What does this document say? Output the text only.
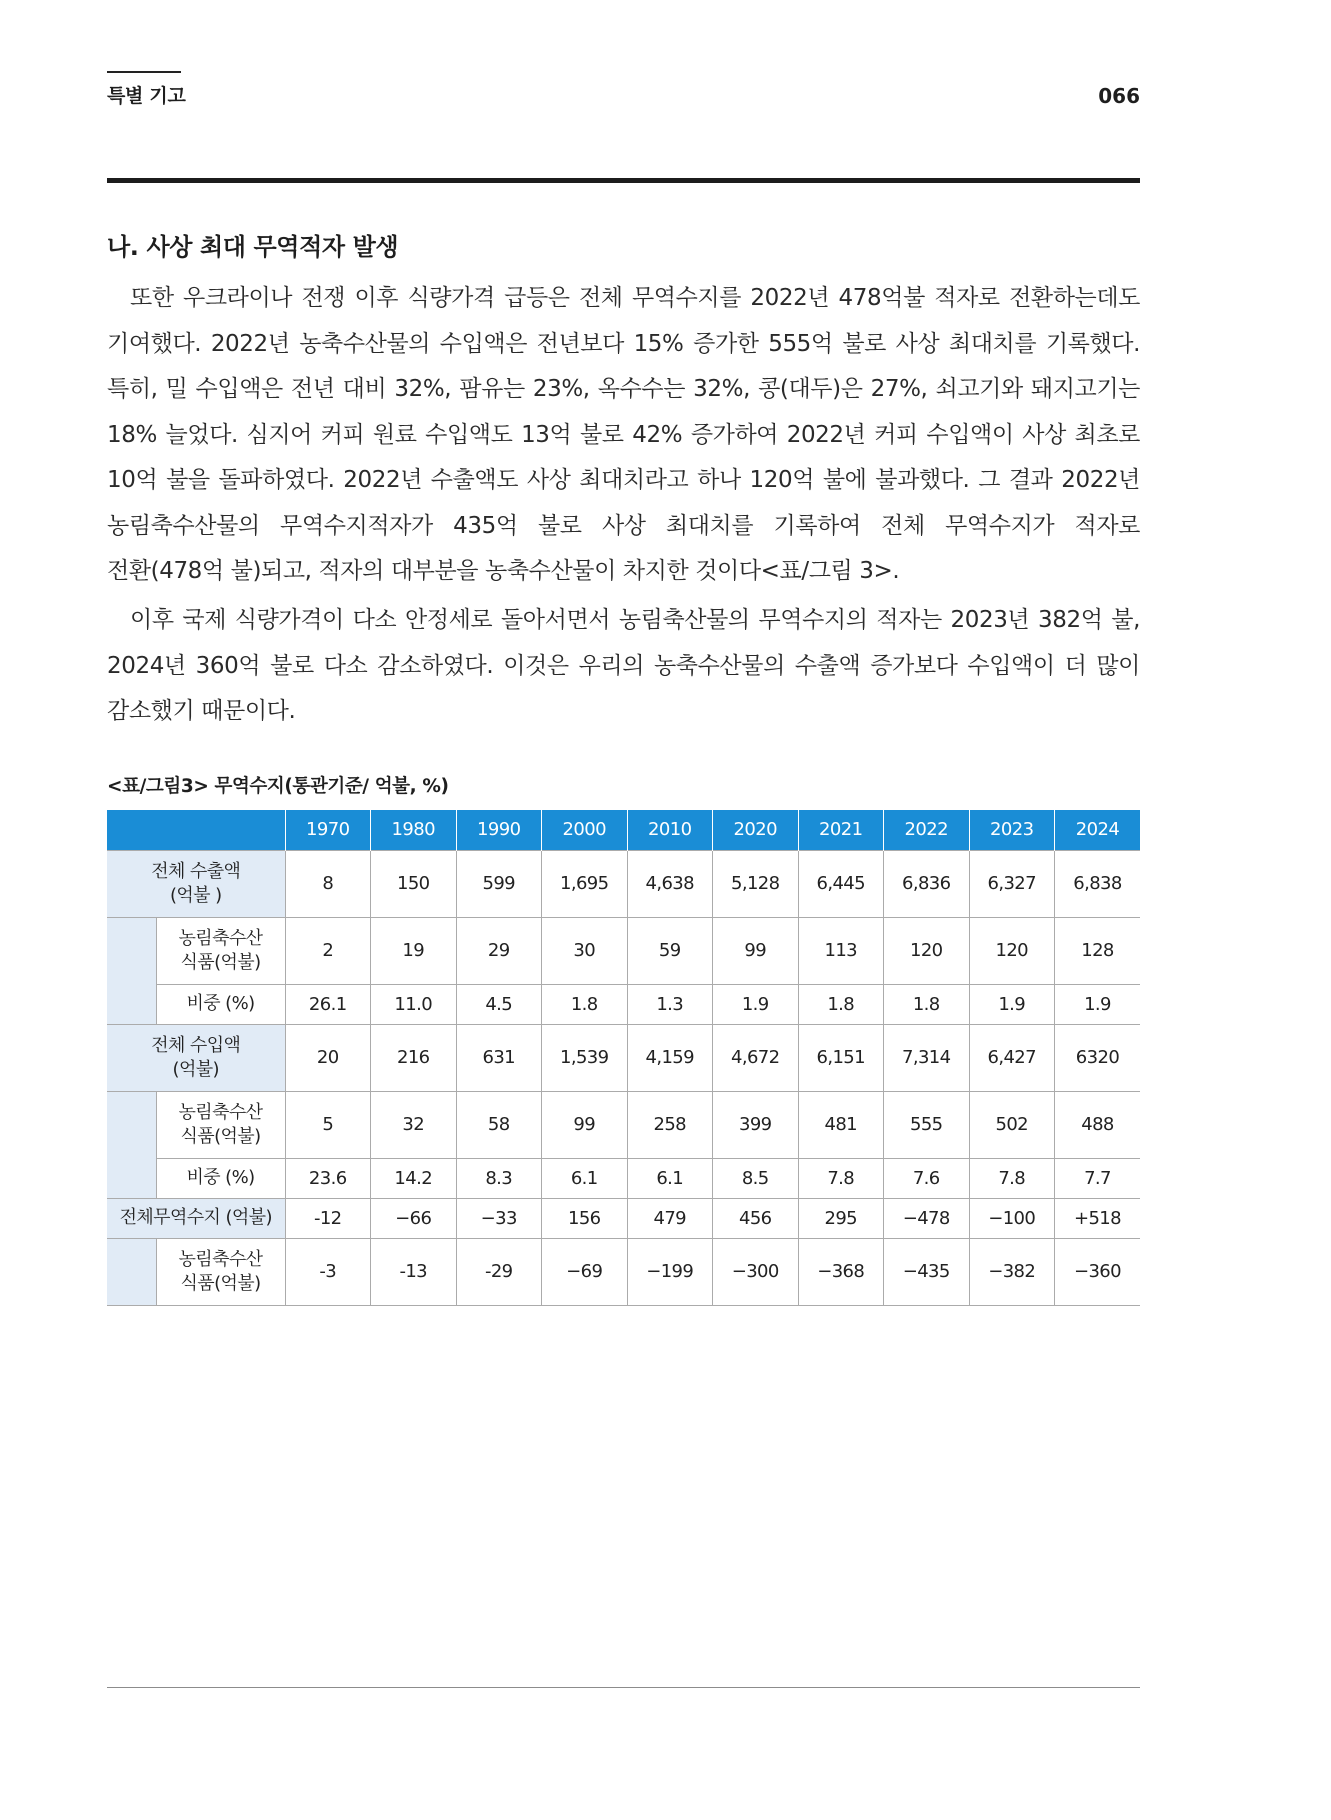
특별 기고	066
나. 사상 최대 무역적자 발생

또한 우크라이나 전쟁 이후 식량가격 급등은 전체 무역수지를 2022년 478억불 적자로 전환하는데도
기여했다. 2022년 농축수산물의 수입액은 전년보다 15% 증가한 555억 불로 사상 최대치를 기록했다.
특히, 밀 수입액은 전년 대비 32%, 팜유는 23%, 옥수수는 32%, 콩(대두)은 27%, 쇠고기와 돼지고기는
18% 늘었다. 심지어 커피 원료 수입액도 13억 불로 42% 증가하여 2022년 커피 수입액이 사상 최초로
10억 불을 돌파하였다. 2022년 수출액도 사상 최대치라고 하나 120억 불에 불과했다. 그 결과 2022년
농림축수산물의 무역수지적자가 435억 불로 사상 최대치를 기록하여 전체 무역수지가 적자로
전환(478억 불)되고, 적자의 대부분을 농축수산물이 차지한 것이다<표/그림 3>.

이후 국제 식량가격이 다소 안정세로 돌아서면서 농림축산물의 무역수지의 적자는 2023년 382억 불,
2024년 360억 불로 다소 감소하였다. 이것은 우리의 농축수산물의 수출액 증가보다 수입액이 더 많이
감소했기 때문이다.

<표/그림3> 무역수지(통관기준/ 억불, %)
		1970	1980	1990	2000	2010	2020	2021	2022	2023	2024

전체 수출액
(억불 )		8	150	599	1,695	4,638	5,128	6,445	6,836	6,327	6,838

	농림축수산
식품(억불)	2	19	29	30	59	99	113	120	120	128

	비중 (%)	26.1	11.0	4.5	1.8	1.3	1.9	1.8	1.8	1.9	1.9

전체 수입액
(억불)		20	216	631	1,539	4,159	4,672	6,151	7,314	6,427	6320

	농림축수산
식품(억불)	5	32	58	99	258	399	481	555	502	488

	비중 (%)	23.6	14.2	8.3	6.1	6.1	8.5	7.8	7.6	7.8	7.7

전체무역수지 (억불)		-12	−66	−33	156	479	456	295	−478	−100	+518

	농림축수산
식품(억불)	-3	-13	-29	−69	−199	−300	−368	−435	−382	−360
